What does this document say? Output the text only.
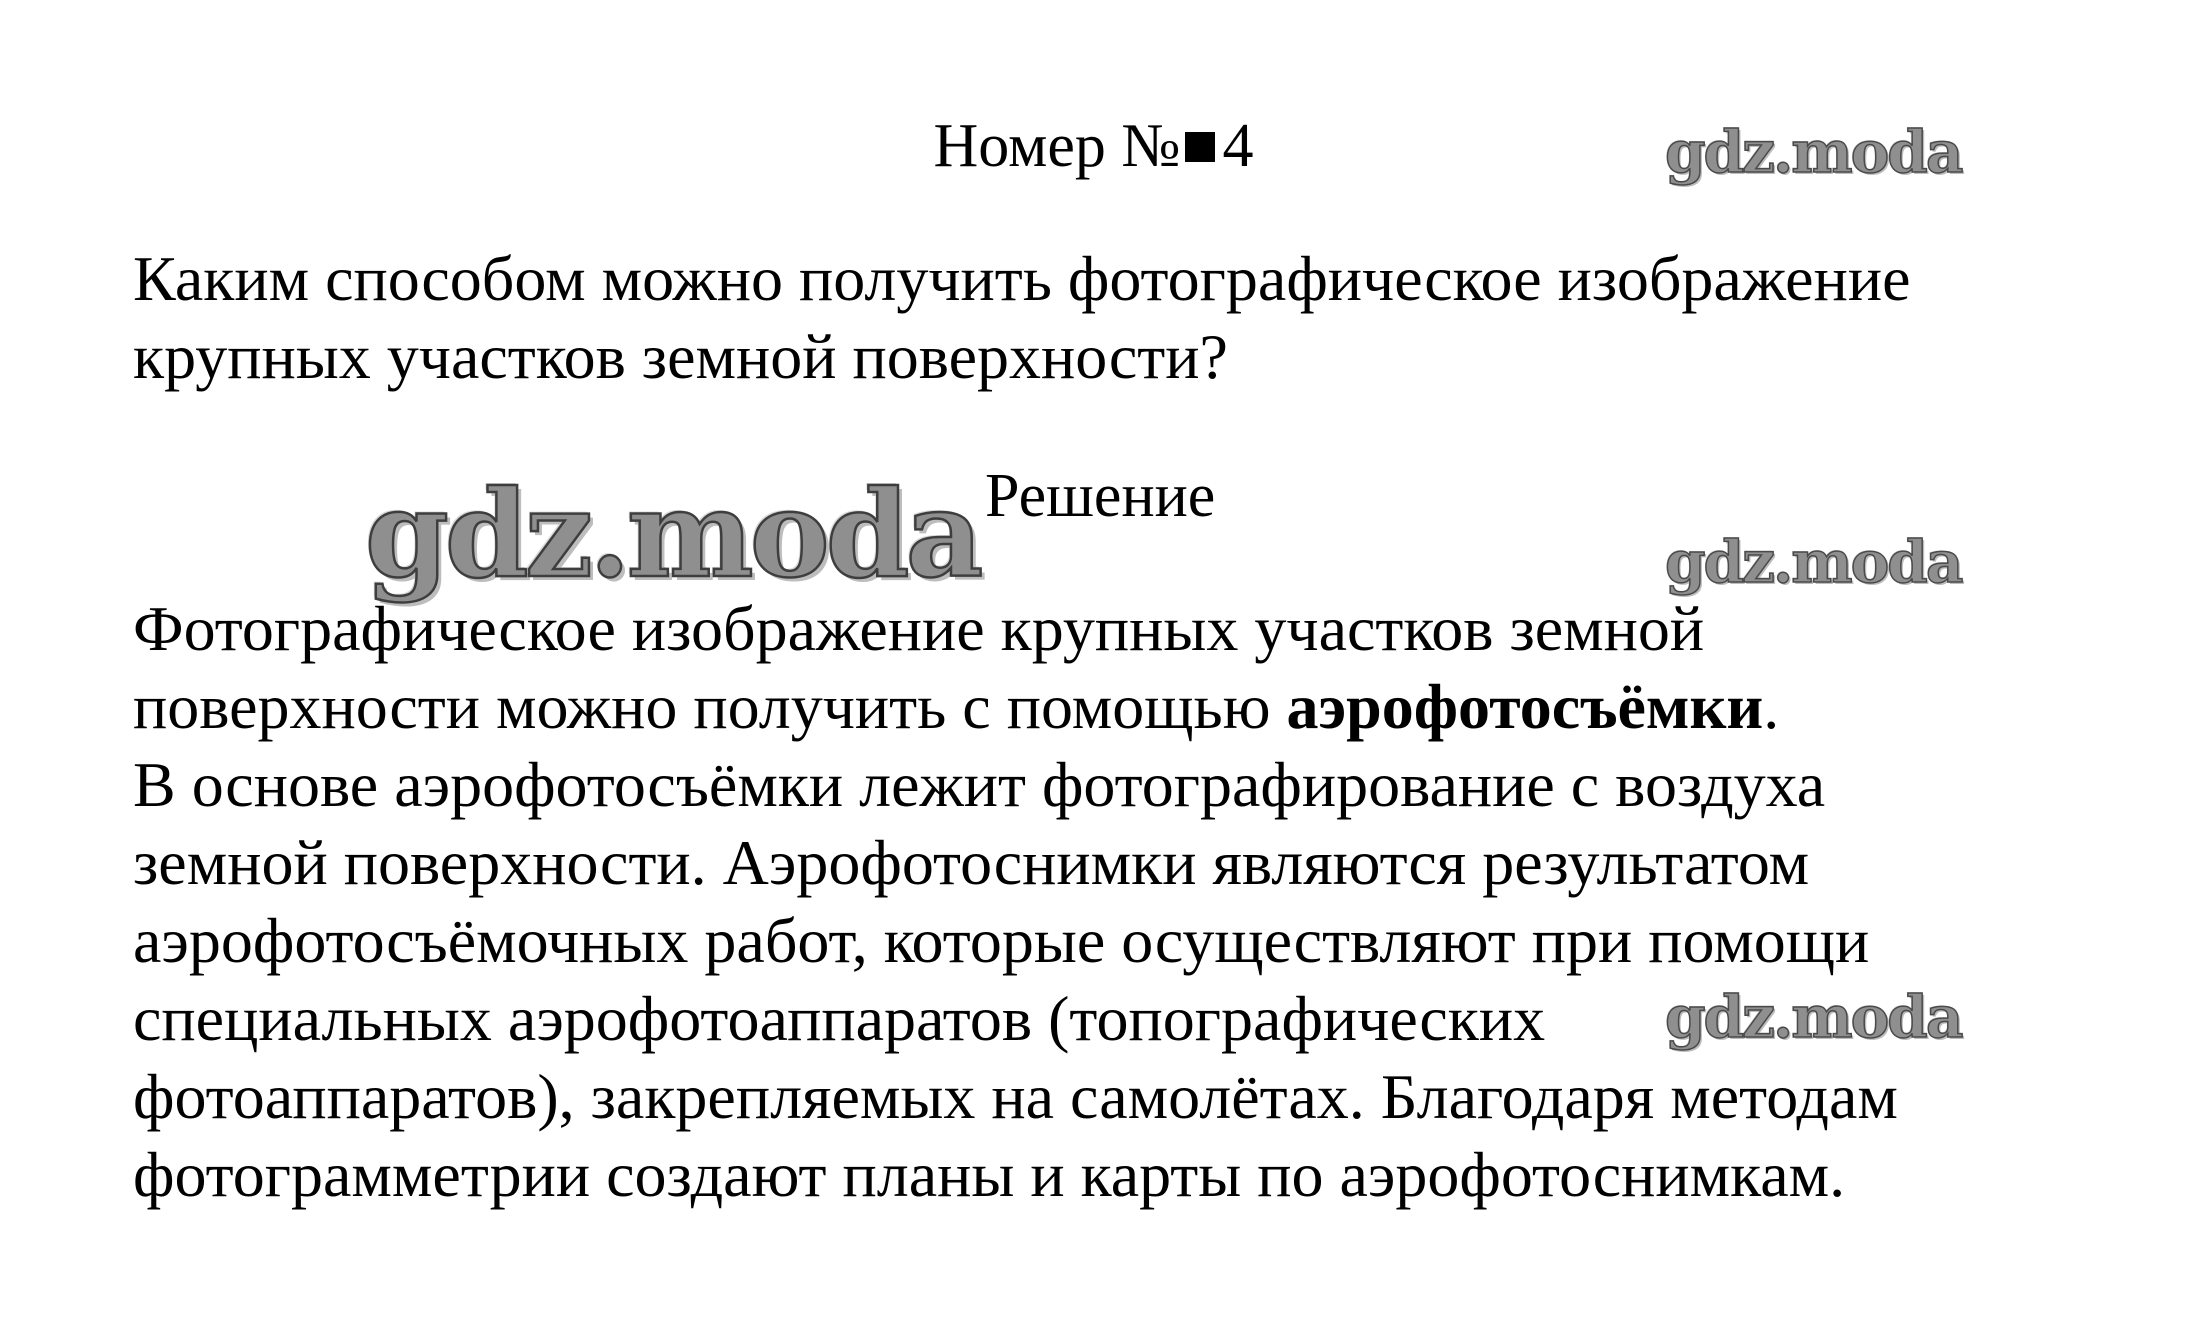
Номер № 4	gdz.moda
Каким способом можно получить фотографическое изображение
крупных участков земной поверхности?
gdz.moda Решение
gdz.moda
Фотографическое изображение крупных участков земной
поверхности можно получить с помощью аэрофотосъёмки.
В основе аэрофотосъёмки лежит фотографирование с воздуха
земной поверхности. Аэрофотоснимки являются результатом
аэрофотосъёмочных работ, которые осуществляют при помощи
специальных аэрофотоаппаратов (топографических
фотоаппаратов), закрепляемых на самолётах. Благодаря методам
фотограмметрии создают планы и карты по аэрофотоснимкам.
gdz.moda
